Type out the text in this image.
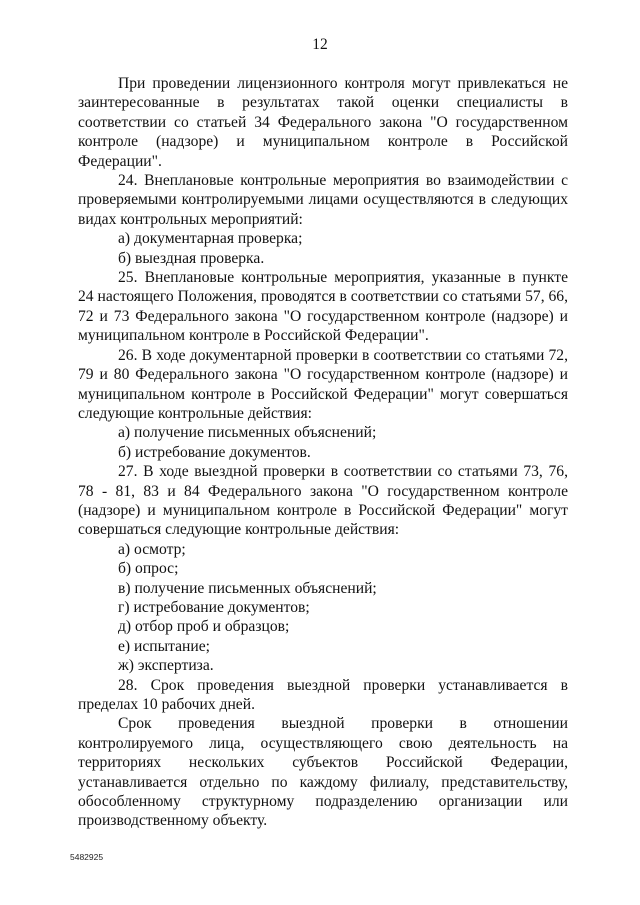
12

При проведении лицензионного контроля могут привлекаться не заинтересованные в результатах такой оценки специалисты в соответствии со статьей 34 Федерального закона "О государственном контроле (надзоре) и муниципальном контроле в Российской Федерации".

24. Внеплановые контрольные мероприятия во взаимодействии с проверяемыми контролируемыми лицами осуществляются в следующих видах контрольных мероприятий:

а) документарная проверка;

б) выездная проверка.

25. Внеплановые контрольные мероприятия, указанные в пункте 24 настоящего Положения, проводятся в соответствии со статьями 57, 66, 72 и 73 Федерального закона "О государственном контроле (надзоре) и муниципальном контроле в Российской Федерации".

26. В ходе документарной проверки в соответствии со статьями 72, 79 и 80 Федерального закона "О государственном контроле (надзоре) и муниципальном контроле в Российской Федерации" могут совершаться следующие контрольные действия:

а) получение письменных объяснений;

б) истребование документов.

27. В ходе выездной проверки в соответствии со статьями 73, 76, 78 - 81, 83 и 84 Федерального закона "О государственном контроле (надзоре) и муниципальном контроле в Российской Федерации" могут совершаться следующие контрольные действия:

а) осмотр;

б) опрос;

в) получение письменных объяснений;

г) истребование документов;

д) отбор проб и образцов;

е) испытание;

ж) экспертиза.

28. Срок проведения выездной проверки устанавливается в пределах 10 рабочих дней.

Срок проведения выездной проверки в отношении контролируемого лица, осуществляющего свою деятельность на территориях нескольких субъектов Российской Федерации, устанавливается отдельно по каждому филиалу, представительству, обособленному структурному подразделению организации или производственному объекту.

5482925
